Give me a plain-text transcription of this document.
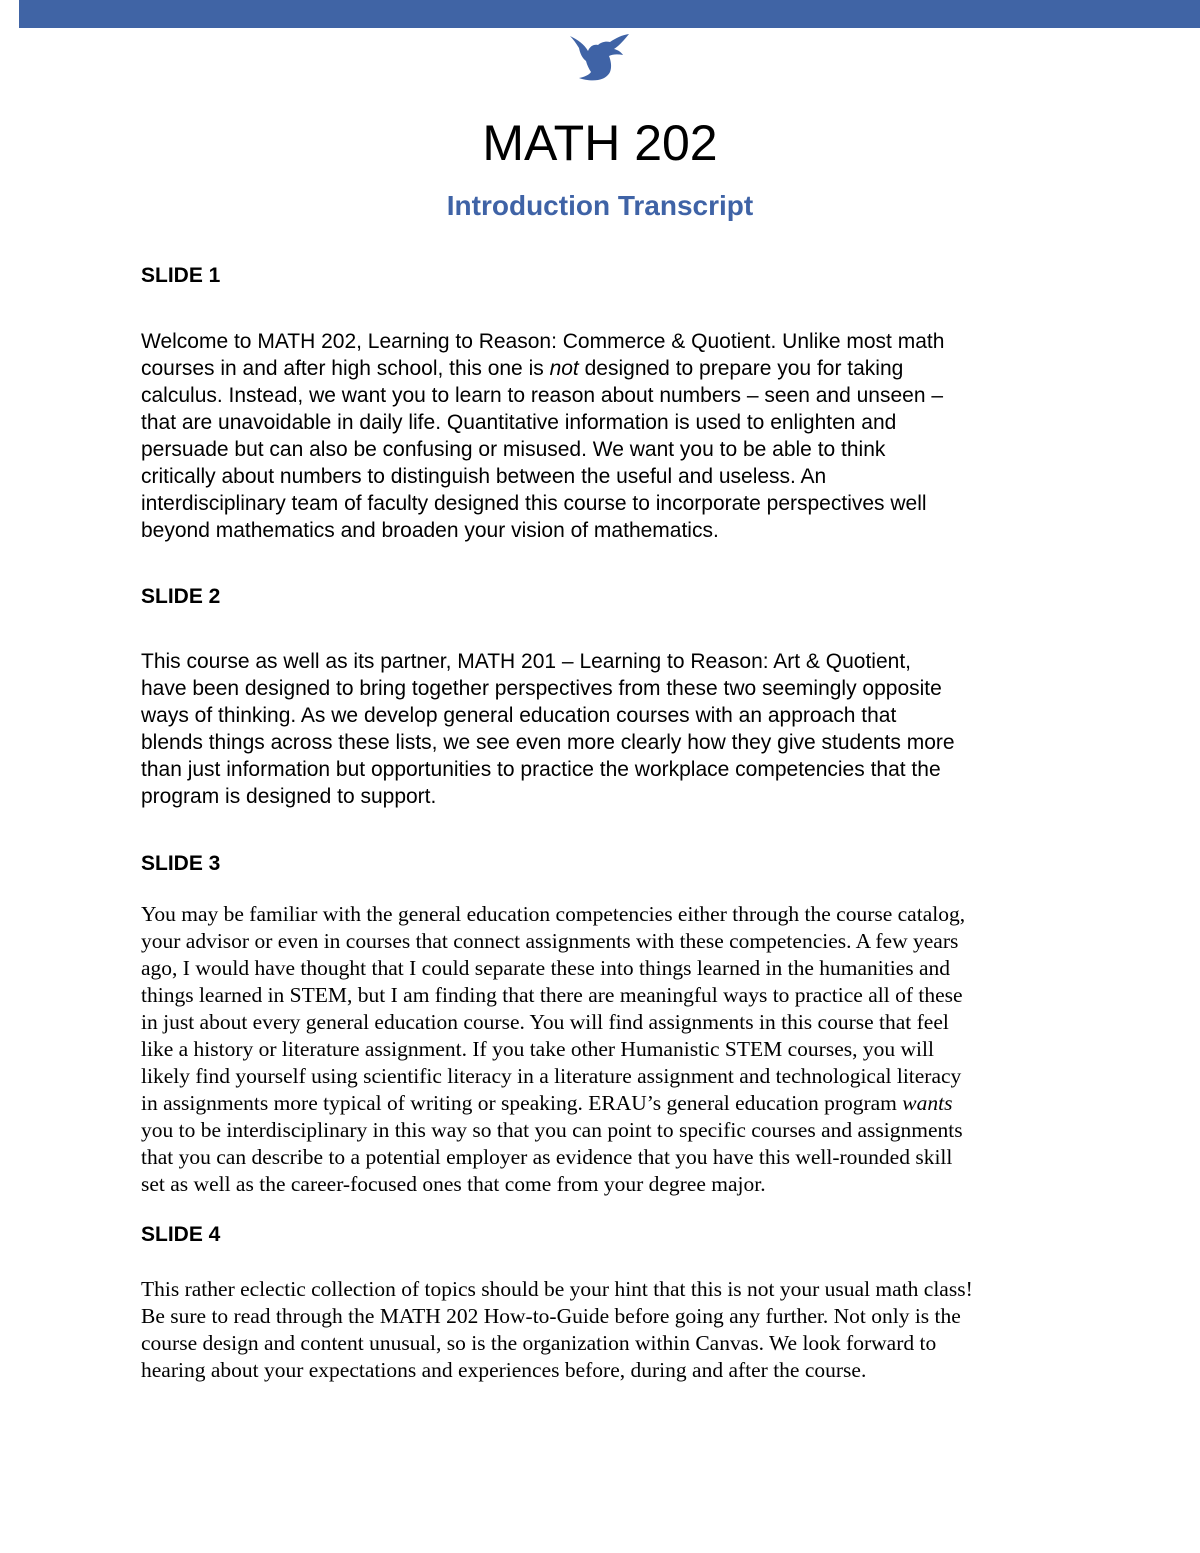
MATH 202
Introduction Transcript
SLIDE 1
Welcome to MATH 202, Learning to Reason: Commerce & Quotient. Unlike most math
courses in and after high school, this one is not designed to prepare you for taking
calculus. Instead, we want you to learn to reason about numbers – seen and unseen –
that are unavoidable in daily life. Quantitative information is used to enlighten and
persuade but can also be confusing or misused. We want you to be able to think
critically about numbers to distinguish between the useful and useless. An
interdisciplinary team of faculty designed this course to incorporate perspectives well
beyond mathematics and broaden your vision of mathematics.
SLIDE 2
This course as well as its partner, MATH 201 – Learning to Reason: Art & Quotient,
have been designed to bring together perspectives from these two seemingly opposite
ways of thinking. As we develop general education courses with an approach that
blends things across these lists, we see even more clearly how they give students more
than just information but opportunities to practice the workplace competencies that the
program is designed to support.
SLIDE 3
You may be familiar with the general education competencies either through the course catalog,
your advisor or even in courses that connect assignments with these competencies. A few years
ago, I would have thought that I could separate these into things learned in the humanities and
things learned in STEM, but I am finding that there are meaningful ways to practice all of these
in just about every general education course. You will find assignments in this course that feel
like a history or literature assignment. If you take other Humanistic STEM courses, you will
likely find yourself using scientific literacy in a literature assignment and technological literacy
in assignments more typical of writing or speaking. ERAU’s general education program wants
you to be interdisciplinary in this way so that you can point to specific courses and assignments
that you can describe to a potential employer as evidence that you have this well-rounded skill
set as well as the career-focused ones that come from your degree major.
SLIDE 4
This rather eclectic collection of topics should be your hint that this is not your usual math class!
Be sure to read through the MATH 202 How-to-Guide before going any further. Not only is the
course design and content unusual, so is the organization within Canvas. We look forward to
hearing about your expectations and experiences before, during and after the course.
